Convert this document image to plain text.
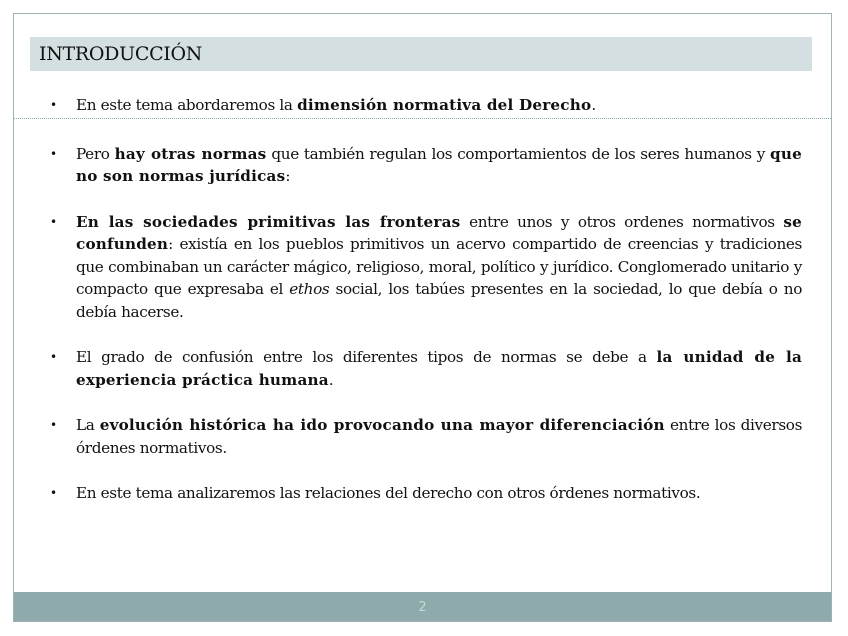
INTRODUCCIÓN
• En este tema abordaremos la dimensión normativa del Derecho.
• Pero hay otras normas que también regulan los comportamientos de los seres humanos y que no son normas jurídicas:
• En las sociedades primitivas las fronteras entre unos y otros ordenes normativos se confunden: existía en los pueblos primitivos un acervo compartido de creencias y tradiciones que combinaban un carácter mágico, religioso, moral, político y jurídico. Conglomerado unitario y compacto que expresaba el ethos social, los tabúes presentes en la sociedad, lo que debía o no debía hacerse.
• El grado de confusión entre los diferentes tipos de normas se debe a la unidad de la experiencia práctica humana.
• La evolución histórica ha ido provocando una mayor diferenciación entre los diversos órdenes normativos.
• En este tema analizaremos las relaciones del derecho con otros órdenes normativos.
2
